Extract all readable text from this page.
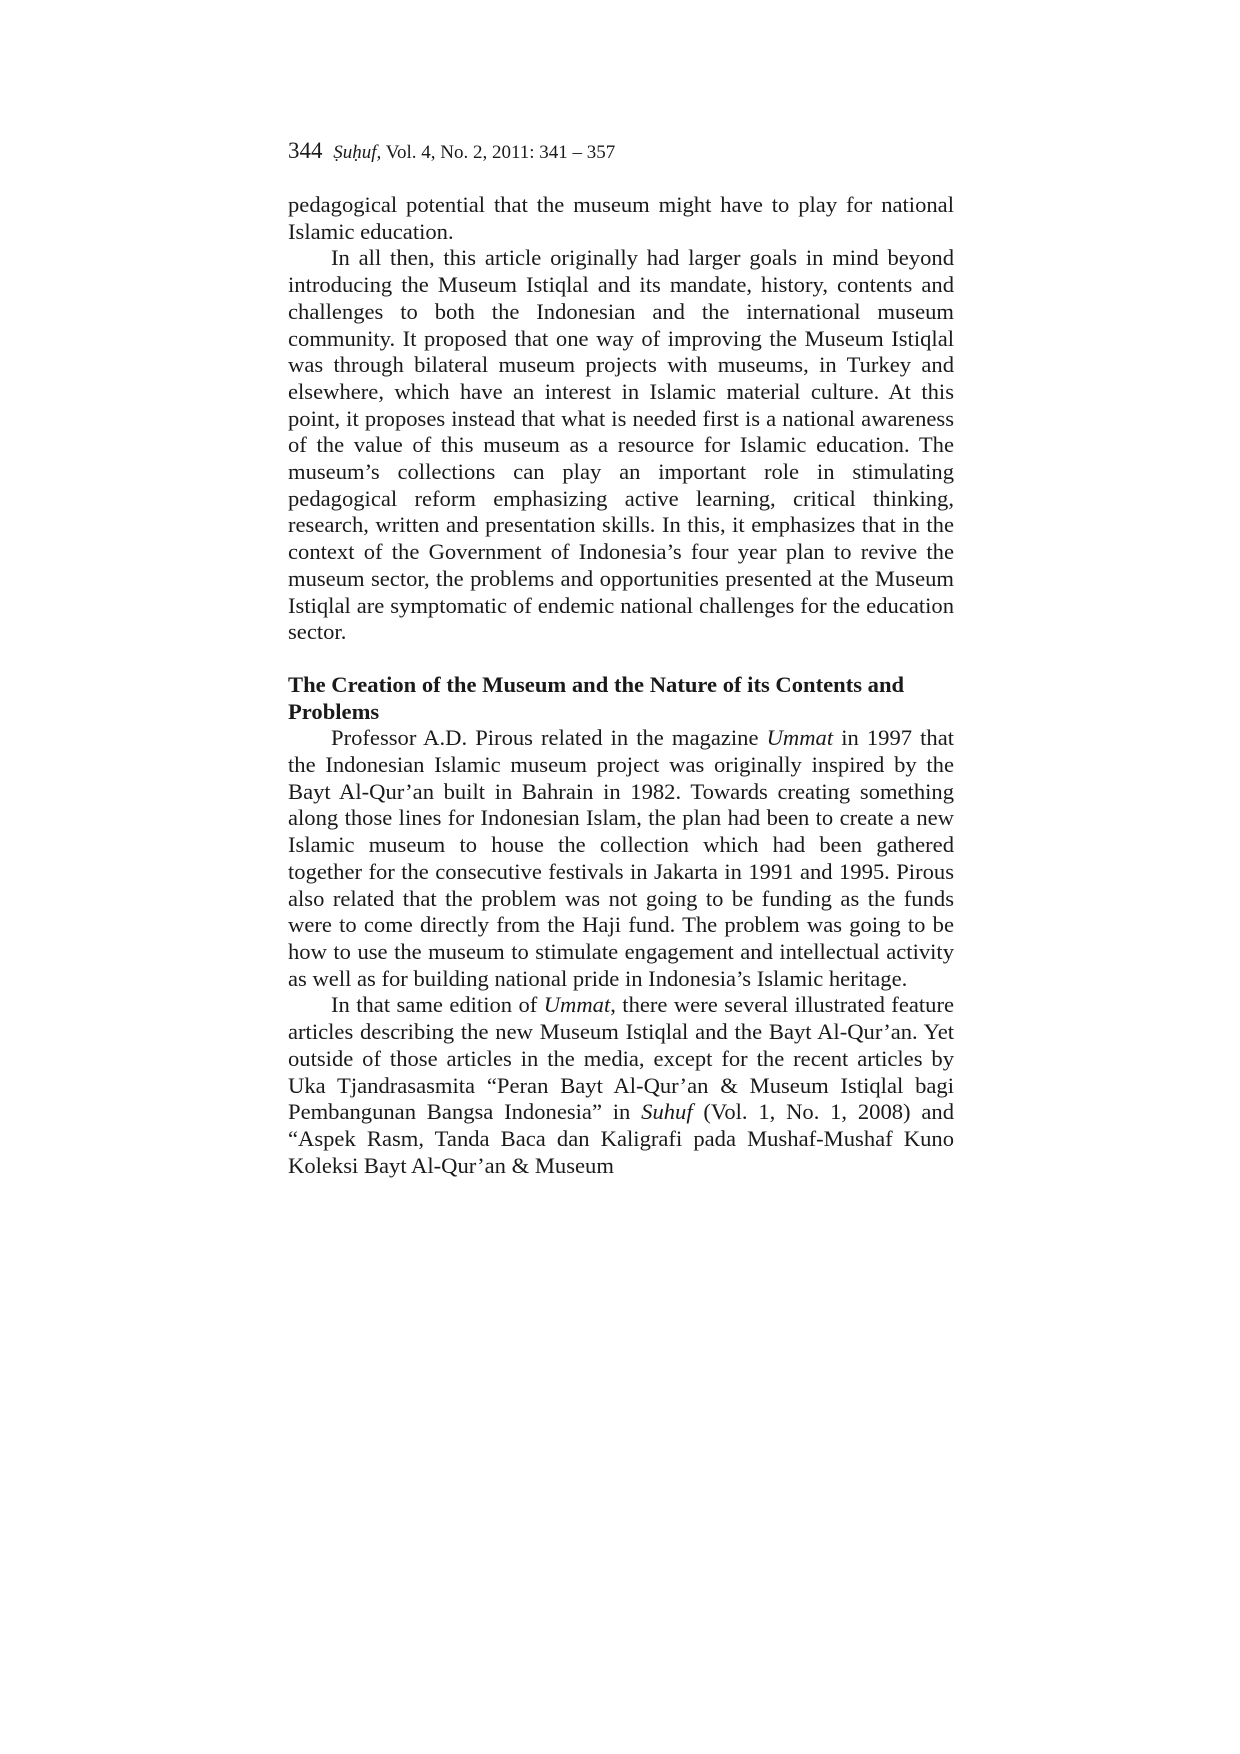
344 Ṣuḥuf, Vol. 4, No. 2, 2011: 341 – 357

pedagogical potential that the museum might have to play for national Islamic education.

In all then, this article originally had larger goals in mind beyond introducing the Museum Istiqlal and its mandate, history, contents and challenges to both the Indonesian and the international museum community. It proposed that one way of improving the Museum Istiqlal was through bilateral museum projects with museums, in Turkey and elsewhere, which have an interest in Islamic material culture. At this point, it proposes instead that what is needed first is a national awareness of the value of this museum as a resource for Islamic education. The museum’s collections can play an important role in stimulating pedagogical reform emphasizing active learning, critical thinking, research, written and presentation skills. In this, it emphasizes that in the context of the Government of Indonesia’s four year plan to revive the museum sector, the problems and opportunities presented at the Museum Istiqlal are symptomatic of endemic national challenges for the education sector.

The Creation of the Museum and the Nature of its Contents and Problems

Professor A.D. Pirous related in the magazine Ummat in 1997 that the Indonesian Islamic museum project was originally inspired by the Bayt Al-Qur’an built in Bahrain in 1982. Towards creating something along those lines for Indonesian Islam, the plan had been to create a new Islamic museum to house the collection which had been gathered together for the consecutive festivals in Jakarta in 1991 and 1995. Pirous also related that the problem was not going to be funding as the funds were to come directly from the Haji fund. The problem was going to be how to use the museum to stimulate engagement and intellectual activity as well as for building national pride in Indonesia’s Islamic heritage.

In that same edition of Ummat, there were several illustrated feature articles describing the new Museum Istiqlal and the Bayt Al-Qur’an. Yet outside of those articles in the media, except for the recent articles by Uka Tjandrasasmita “Peran Bayt Al-Qur’an & Museum Istiqlal bagi Pembangunan Bangsa Indonesia” in Suhuf (Vol. 1, No. 1, 2008) and “Aspek Rasm, Tanda Baca dan Kaligrafi pada Mushaf-Mushaf Kuno Koleksi Bayt Al-Qur’an & Museum
